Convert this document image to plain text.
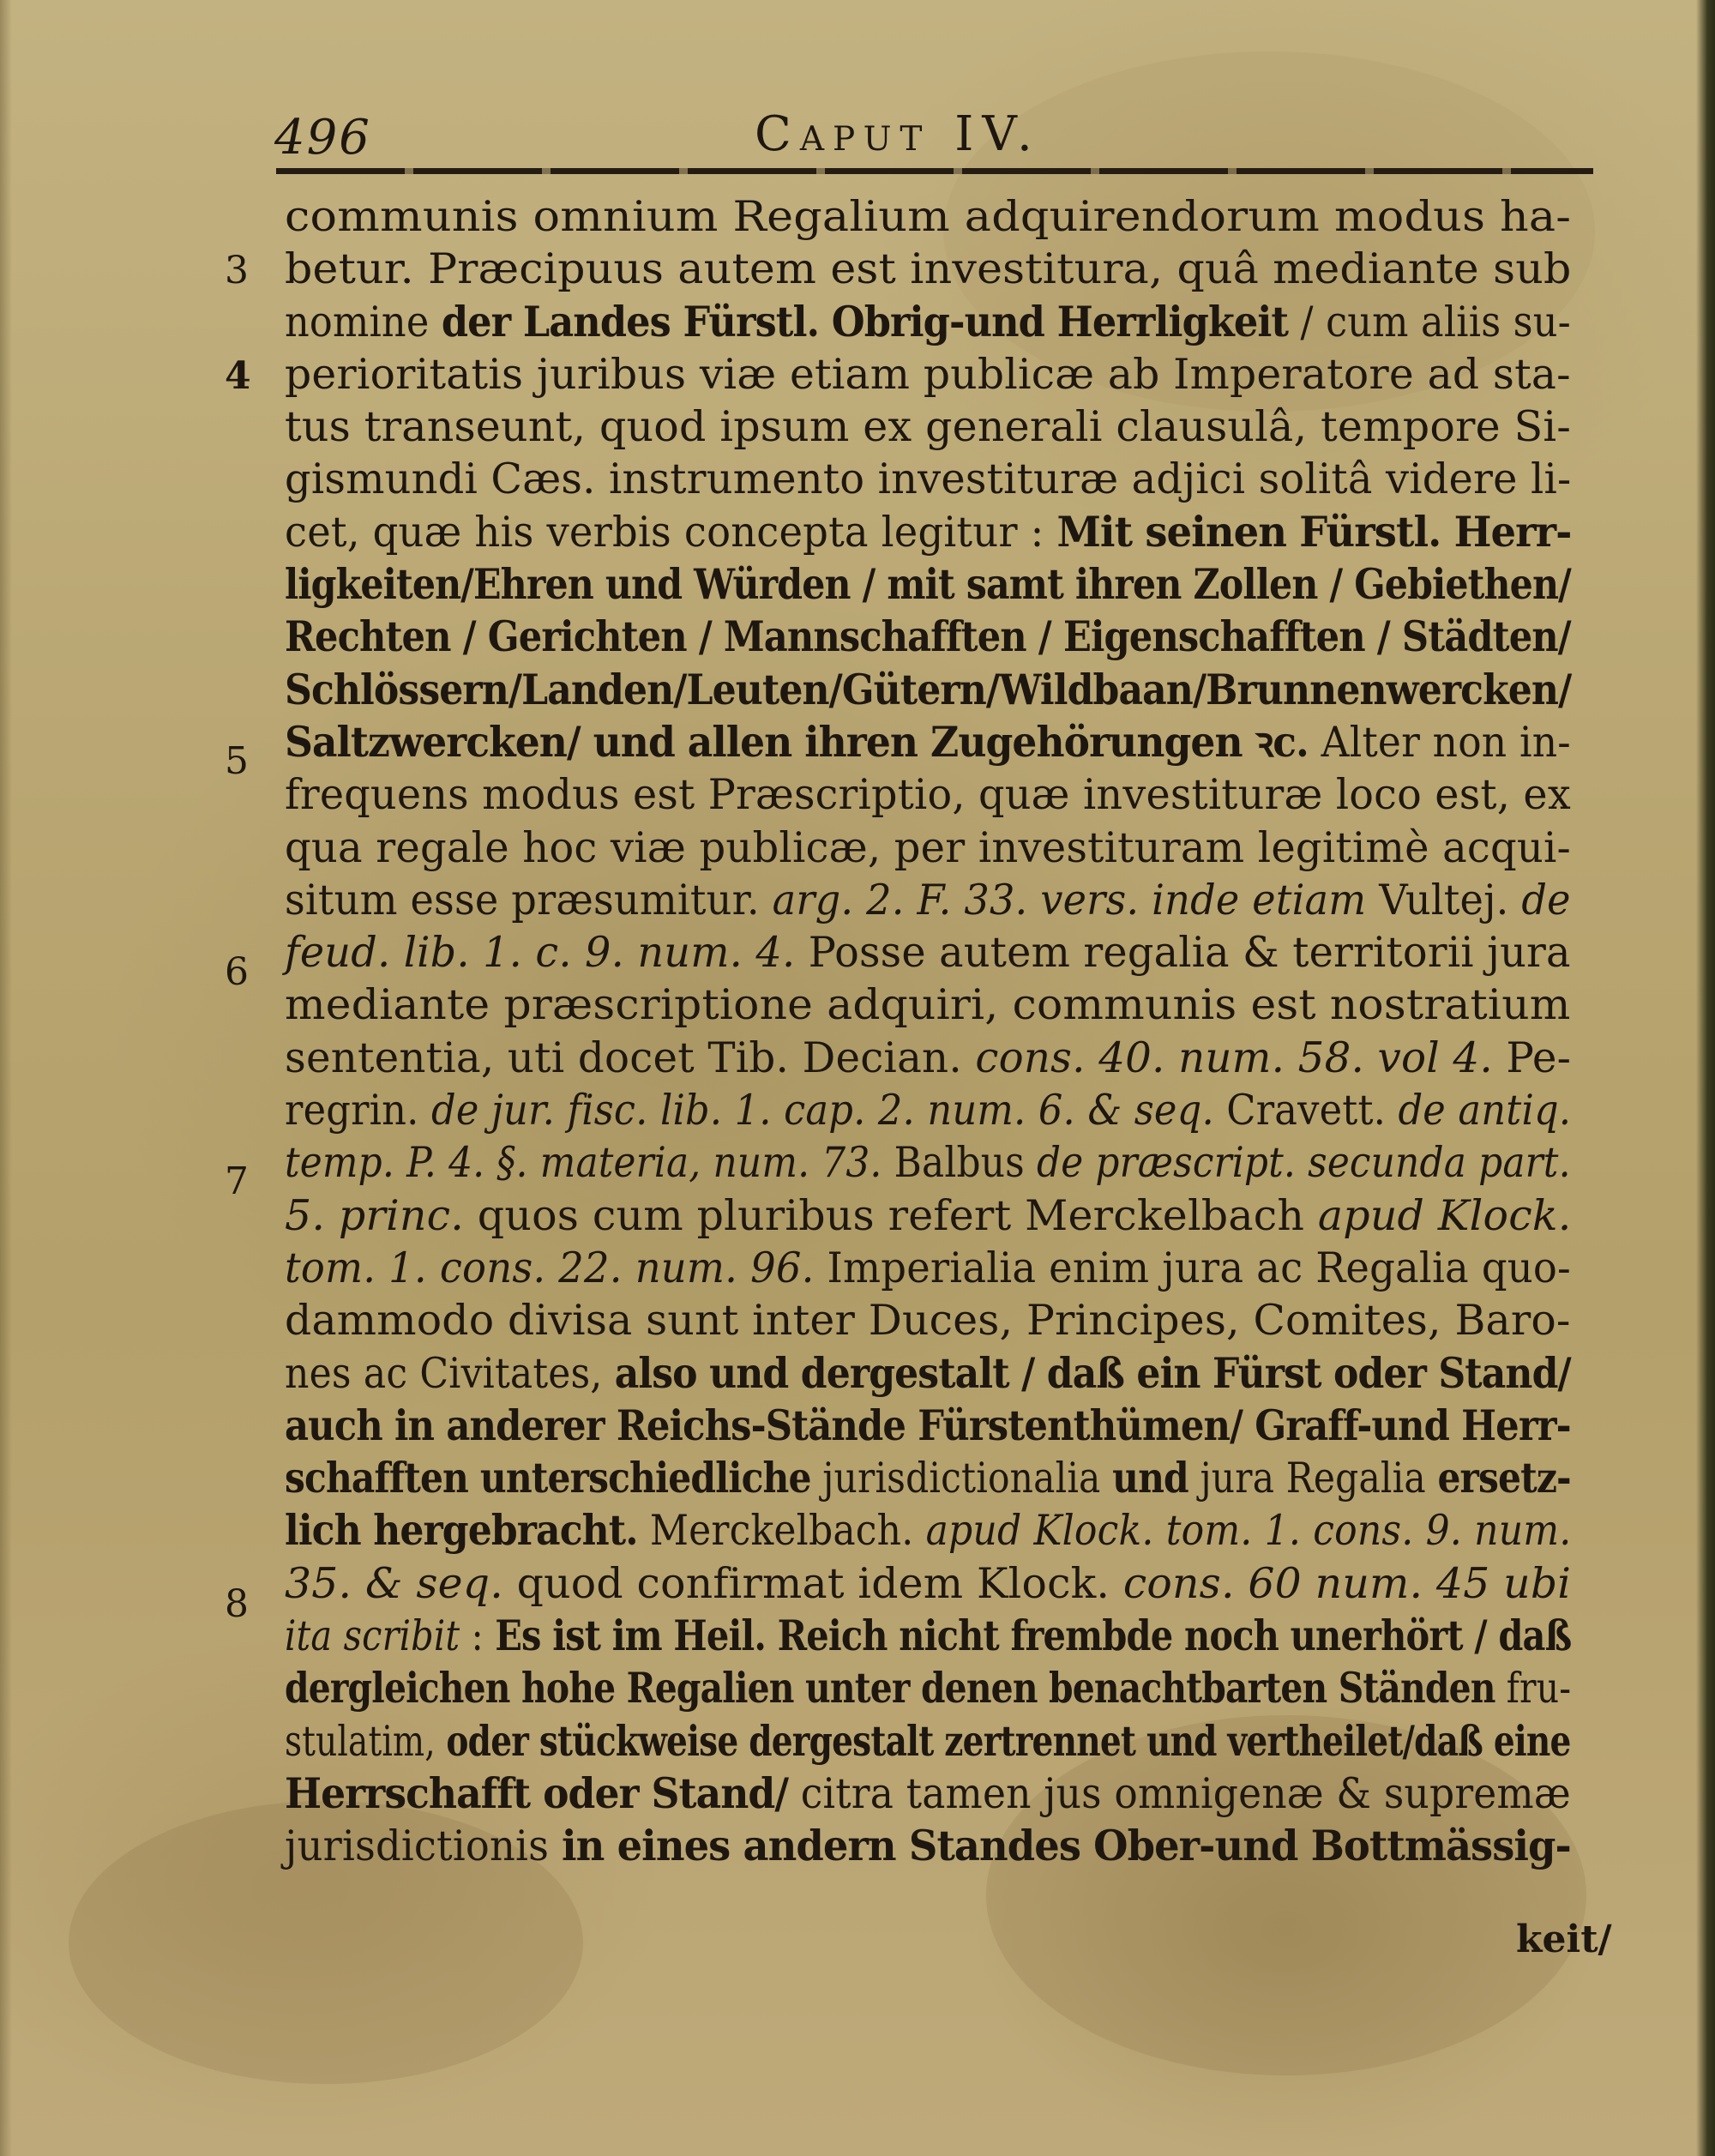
496	Caput IV.
3
4
5
6
7
8
communis omnium Regalium adquirendorum modus ha-
betur. Præcipuus autem est investitura, quâ mediante sub
nomine der Landes Fürstl. Obrig-und Herrligkeit / cum aliis su-
perioritatis juribus viæ etiam publicæ ab Imperatore ad sta-
tus transeunt, quod ipsum ex generali clausulâ, tempore Si-
gismundi Cæs. instrumento investituræ adjici solitâ videre li-
cet, quæ his verbis concepta legitur : Mit seinen Fürstl. Herr-
ligkeiten/Ehren und Würden / mit samt ihren Zollen / Gebiethen/
Rechten / Gerichten / Mannschafften / Eigenschafften / Städten/
Schlössern/Landen/Leuten/Gütern/Wildbaan/Brunnenwercken/
Saltzwercken/ und allen ihren Zugehörungen ꝛc. Alter non in-
frequens modus est Præscriptio, quæ investituræ loco est, ex
qua regale hoc viæ publicæ, per investituram legitimè acqui-
situm esse præsumitur. arg. 2. F. 33. vers. inde etiam Vultej. de
feud. lib. 1. c. 9. num. 4. Posse autem regalia & territorii jura
mediante præscriptione adquiri, communis est nostratium
sententia, uti docet Tib. Decian. cons. 40. num. 58. vol 4. Pe-
regrin. de jur. fisc. lib. 1. cap. 2. num. 6. & seq. Cravett. de antiq.
temp. P. 4. §. materia, num. 73. Balbus de præscript. secunda part.
5. princ. quos cum pluribus refert Merckelbach apud Klock.
tom. 1. cons. 22. num. 96. Imperialia enim jura ac Regalia quo-
dammodo divisa sunt inter Duces, Principes, Comites, Baro-
nes ac Civitates, also und dergestalt / daß ein Fürst oder Stand/
auch in anderer Reichs-Stände Fürstenthümen/ Graff-und Herr-
schafften unterschiedliche jurisdictionalia und jura Regalia ersetz-
lich hergebracht. Merckelbach. apud Klock. tom. 1. cons. 9. num.
35. & seq. quod confirmat idem Klock. cons. 60 num. 45 ubi
ita scribit : Es ist im Heil. Reich nicht frembde noch unerhört / daß
dergleichen hohe Regalien unter denen benachtbarten Ständen fru-
stulatim, oder stückweise dergestalt zertrennet und vertheilet/daß eine
Herrschafft oder Stand/ citra tamen jus omnigenæ & supremæ
jurisdictionis in eines andern Standes Ober-und Bottmässig-
keit/
